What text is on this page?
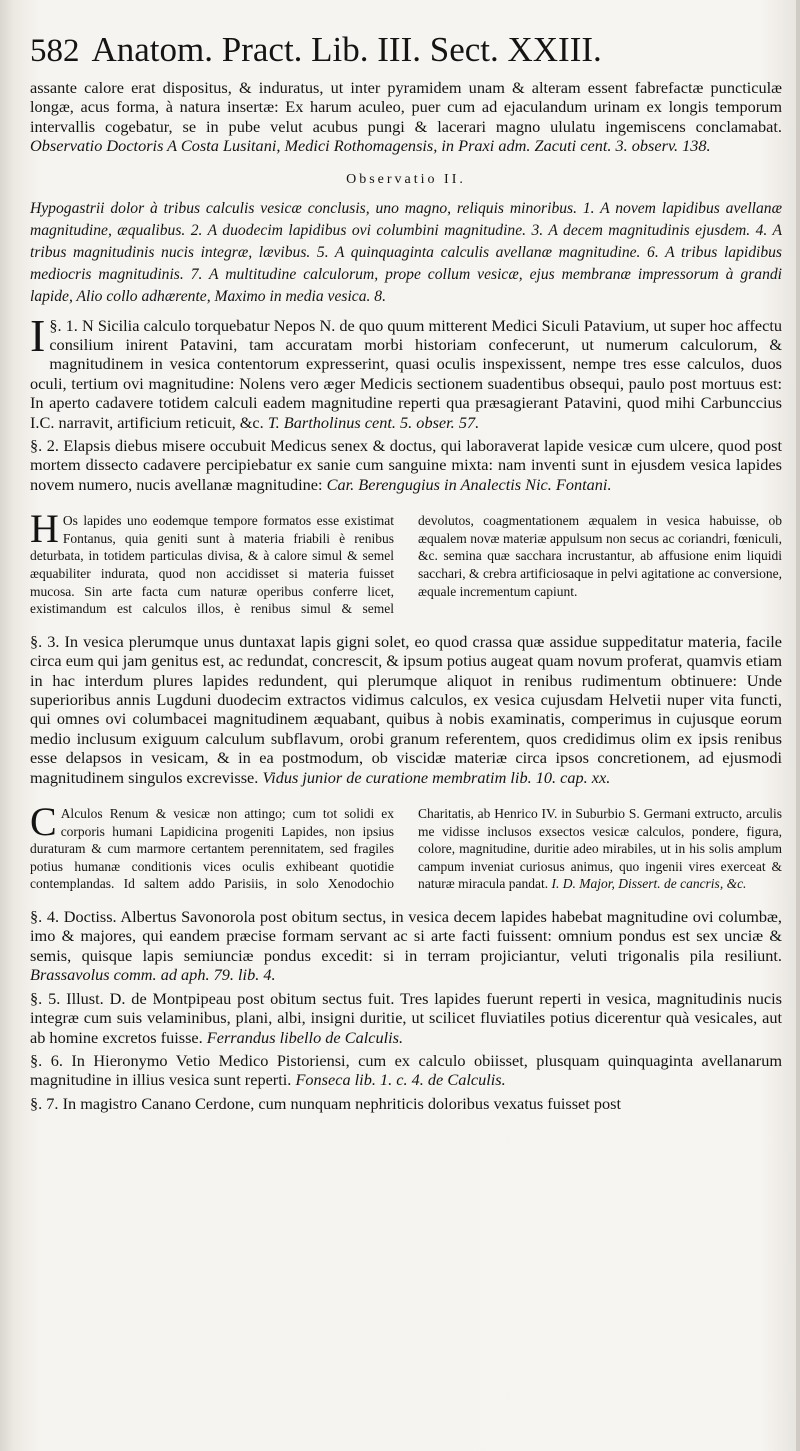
582 Anatom. Pract. Lib. III. Sect. XXIII.

assante calore erat dispositus, & induratus, ut inter pyramidem unam & alteram essent fabrefactæ puncticulæ longæ, acus forma, à natura insertæ: Ex harum aculeo, puer cum ad ejaculandum urinam ex longis temporum intervallis cogebatur, se in pube velut acubus pungi & lacerari magno ululatu ingemiscens conclamabat. Observatio Doctoris A Costa Lusitani, Medici Rothomagensis, in Praxi adm. Zacuti cent. 3. observ. 138.

Observatio II.

Hypogastrii dolor à tribus calculis vesicæ conclusis, uno magno, reliquis minoribus. 1. A novem lapidibus avellanæ magnitudine, æqualibus. 2. A duodecim lapidibus ovi columbini magnitudine. 3. A decem magnitudinis ejusdem. 4. A tribus magnitudinis nucis integræ, lævibus. 5. A quinquaginta calculis avellanæ magnitudine. 6. A tribus lapidibus mediocris magnitudinis. 7. A multitudine calculorum, prope collum vesicæ, ejus membranæ impressorum à grandi lapide, Alio collo adhærente, Maximo in media vesica. 8.

§. 1.
I N Sicilia calculo torquebatur Nepos N. de quo quum mitterent Medici Siculi Patavium, ut super hoc affectu consilium inirent Patavini, tam accuratam morbi historiam confecerunt, ut numerum calculorum, & magnitudinem in vesica contentorum expresserint, quasi oculis inspexissent, nempe tres esse calculos, duos oculi, tertium ovi magnitudine: Nolens vero æger Medicis sectionem suadentibus obsequi, paulo post mortuus est: In aperto cadavere totidem calculi eadem magnitudine reperti qua præsagierant Patavini, quod mihi Carbunccius I.C. narravit, artificium reticuit, &c. T. Bartholinus cent. 5. obser. 57.

§. 2. Elapsis diebus misere occubuit Medicus senex & doctus, qui laboraverat lapide vesicæ cum ulcere, quod post mortem dissecto cadavere percipiebatur ex sanie cum sanguine mixta: nam inventi sunt in ejusdem vesica lapides novem numero, nucis avellanæ magnitudine: Car. Berengugius in Analectis Nic. Fontani.

H Os lapides uno eodemque tempore formatos esse existimat Fontanus, quia geniti sunt à materia friabili è renibus deturbata, in totidem particulas divisa, & à calore simul & semel æquabiliter indurata, quod non accidisset si materia fuisset mucosa. Sin arte facta cum naturæ operibus conferre licet, existimandum est calculos illos, è renibus simul & semel devolutos, coagmentationem æqualem in vesica habuisse, ob æqualem novæ materiæ appulsum non secus ac coriandri, fœniculi, &c. semina quæ sacchara incrustantur, ab affusione enim liquidi sacchari, & crebra artificiosaque in pelvi agitatione ac conversione, æquale incrementum capiunt.

§. 3. In vesica plerumque unus duntaxat lapis gigni solet, eo quod crassa quæ assidue suppeditatur materia, facile circa eum qui jam genitus est, ac redundat, concrescit, & ipsum potius augeat quam novum proferat, quamvis etiam in hac interdum plures lapides redundent, qui plerumque aliquot in renibus rudimentum obtinuere: Unde superioribus annis Lugduni duodecim extractos vidimus calculos, ex vesica cujusdam Helvetii nuper vita functi, qui omnes ovi columbacei magnitudinem æquabant, quibus à nobis examinatis, comperimus in cujusque eorum medio inclusum exiguum calculum subflavum, orobi granum referentem, quos credidimus olim ex ipsis renibus esse delapsos in vesicam, & in ea postmodum, ob viscidæ materiæ circa ipsos concretionem, ad ejusmodi magnitudinem singulos excrevisse. Vidus junior de curatione membratim lib. 10. cap. xx.

C Alculos Renum & vesicæ non attingo; cum tot solidi ex corporis humani Lapidicina progeniti Lapides, non ipsius duraturam & cum marmore certantem perennitatem, sed fragiles potius humanæ conditionis vices oculis exhibeant quotidie contemplandas. Id saltem addo Parisiis, in solo Xenodochio Charitatis, ab Henrico IV. in Suburbio S. Germani extructo, arculis me vidisse inclusos exsectos vesicæ calculos, pondere, figura, colore, magnitudine, duritie adeo mirabiles, ut in his solis amplum campum inveniat curiosus animus, quo ingenii vires exerceat & naturæ miracula pandat. I. D. Major, Dissert. de cancris, &c.

§. 4. Doctiss. Albertus Savonorola post obitum sectus, in vesica decem lapides habebat magnitudine ovi columbæ, imo & majores, qui eandem præcise formam servant ac si arte facti fuissent: omnium pondus est sex unciæ & semis, quisque lapis semiunciæ pondus excedit: si in terram projiciantur, veluti trigonalis pila resiliunt. Brassavolus comm. ad aph. 79. lib. 4.

§. 5. Illust. D. de Montpipeau post obitum sectus fuit. Tres lapides fuerunt reperti in vesica, magnitudinis nucis integræ cum suis velaminibus, plani, albi, insigni duritie, ut scilicet fluviatiles potius dicerentur quà vesicales, aut ab homine excretos fuisse. Ferrandus libello de Calculis.

§. 6. In Hieronymo Vetio Medico Pistoriensi, cum ex calculo obiisset, plusquam quinquaginta avellanarum magnitudine in illius vesica sunt reperti. Fonseca lib. 1. c. 4. de Calculis.

§. 7. In magistro Canano Cerdone, cum nunquam nephriticis doloribus vexatus fuisset post
